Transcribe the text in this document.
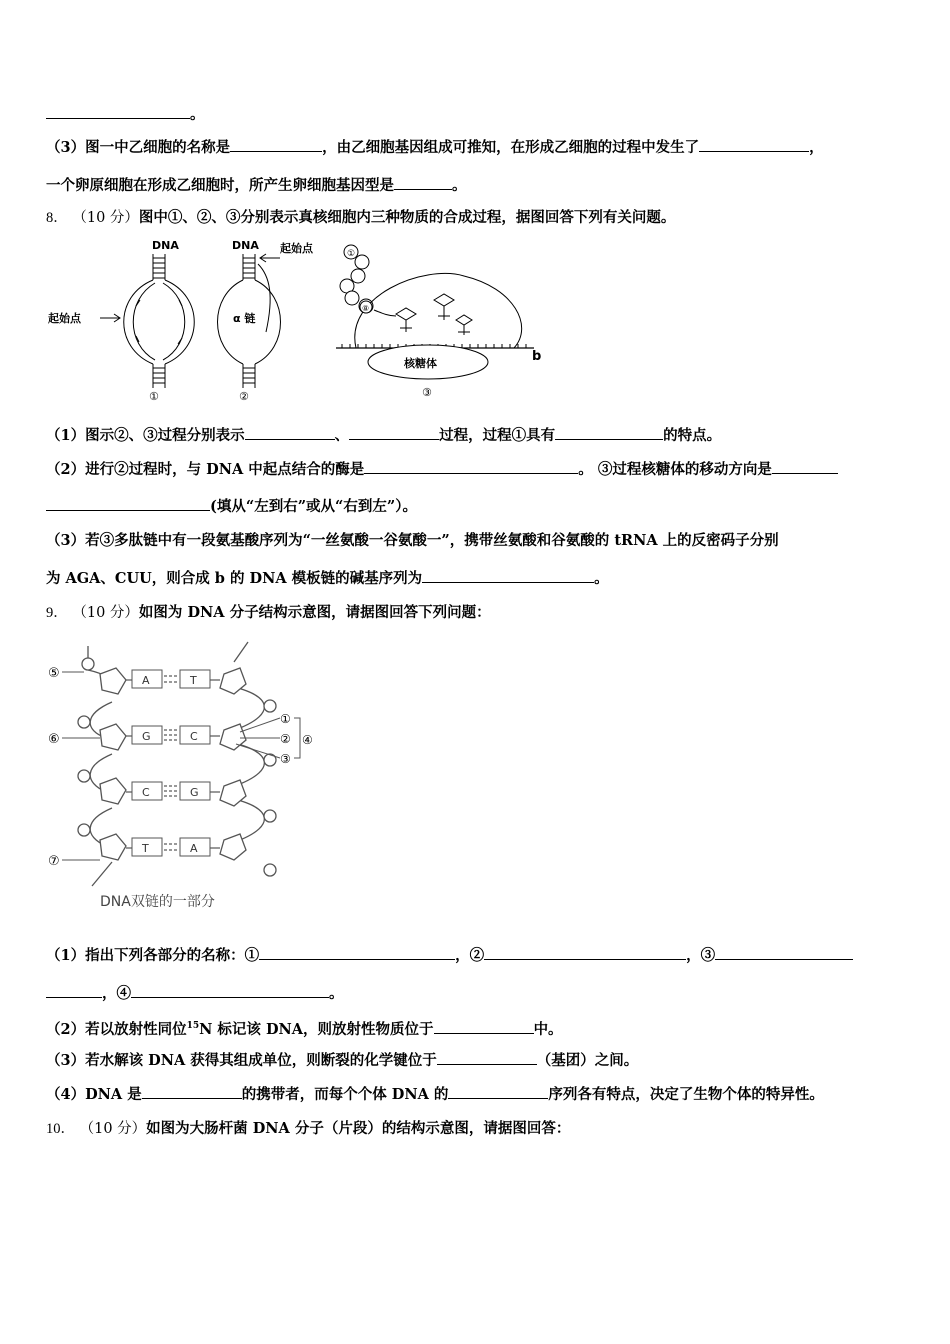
。
（3）图一中乙细胞的名称是	，由乙细胞基因组成可推知，在形成乙细胞的过程中发生了	，
一个卵原细胞在形成乙细胞时，所产生卵细胞基因型是	。
8． （10 分）图中①、②、③分别表示真核细胞内三种物质的合成过程，据图回答下列有关问题。
DNA
起始点
①
DNA 起始点
α 链
②
①
⑧
核糖体	b
③
（1）图示②、③过程分别表示	、	过程，过程①具有	的特点。
（2）进行②过程时，与 DNA 中起点结合的酶是	。 ③过程核糖体的移动方向是
(填从“左到右”或从“右到左”）。
（3）若③多肽链中有一段氨基酸序列为“一丝氨酸一谷氨酸一”，携带丝氨酸和谷氨酸的 tRNA 上的反密码子分别
为 AGA、CUU，则合成 b 的 DNA 模板链的碱基序列为	。
9． （10 分）如图为 DNA 分子结构示意图，请据图回答下列问题：
A	T
G	C
C	G
T	A
⑤
⑥
⑦
①
②
③
④
DNA双链的一部分
（1）指出下列各部分的名称：①	，②	，③
，④	。
（2）若以放射性同位$^{15}$N 标记该 DNA，则放射性物质位于	中。
（3）若水解该 DNA 获得其组成单位，则断裂的化学键位于	（基团）之间。
（4）DNA 是	的携带者，而每个个体 DNA 的	序列各有特点，决定了生物个体的特异性。
10． （10 分）如图为大肠杆菌 DNA 分子（片段）的结构示意图，请据图回答：
